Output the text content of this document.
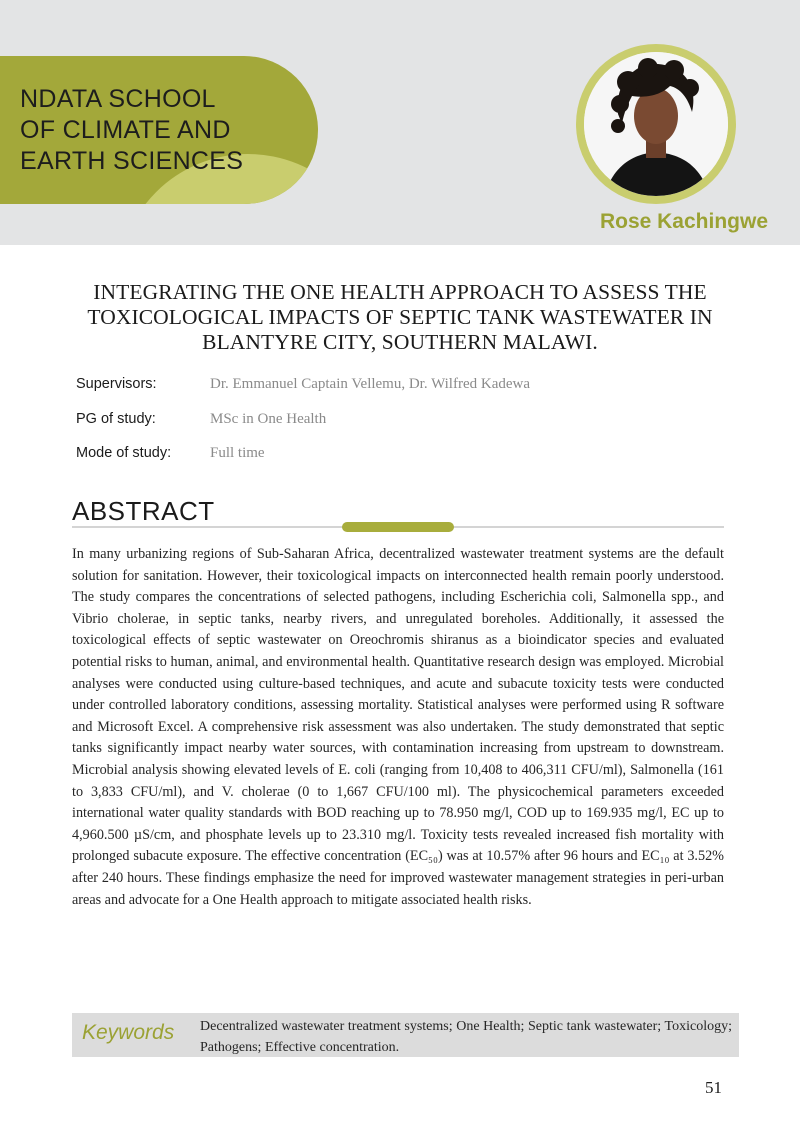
NDATA SCHOOL
OF CLIMATE AND
EARTH SCIENCES

Rose Kachingwe

INTEGRATING THE ONE HEALTH APPROACH TO ASSESS THE TOXICOLOGICAL IMPACTS OF SEPTIC TANK WASTEWATER IN BLANTYRE CITY, SOUTHERN MALAWI.
Supervisors:	Dr. Emmanuel Captain Vellemu, Dr. Wilfred Kadewa
PG of study:	MSc in One Health
Mode of study:	Full time
ABSTRACT

In many urbanizing regions of Sub-Saharan Africa, decentralized wastewater treatment systems are the default solution for sanitation. However, their toxicological impacts on interconnected health remain poorly understood. The study compares the concentrations of selected pathogens, including Escherichia coli, Salmonella spp., and Vibrio cholerae, in septic tanks, nearby rivers, and unregulated boreholes. Additionally, it assessed the toxicological effects of septic wastewater on Oreochromis shiranus as a bioindicator species and evaluated potential risks to human, animal, and environmental health. Quantitative research design was employed. Microbial analyses were conducted using culture-based techniques, and acute and subacute toxicity tests were conducted under controlled laboratory conditions, assessing mortality. Statistical analyses were performed using R software and Microsoft Excel. A comprehensive risk assessment was also undertaken. The study demonstrated that septic tanks significantly impact nearby water sources, with contamination increasing from upstream to downstream. Microbial analysis showing elevated levels of E. coli (ranging from 10,408 to 406,311 CFU/ml), Salmonella (161 to 3,833 CFU/ml), and V. cholerae (0 to 1,667 CFU/100 ml). The physicochemical parameters exceeded international water quality standards with BOD reaching up to 78.950 mg/l, COD up to 169.935 mg/l, EC up to 4,960.500 µS/cm, and phosphate levels up to 23.310 mg/l. Toxicity tests revealed increased fish mortality with prolonged subacute exposure. The effective concentration (EC₅₀) was at 10.57% after 96 hours and EC₁₀ at 3.52% after 240 hours. These findings emphasize the need for improved wastewater management strategies in peri-urban areas and advocate for a One Health approach to mitigate associated health risks.

Keywords Decentralized wastewater treatment systems; One Health; Septic tank wastewater; Toxicology; Pathogens; Effective concentration.

51
